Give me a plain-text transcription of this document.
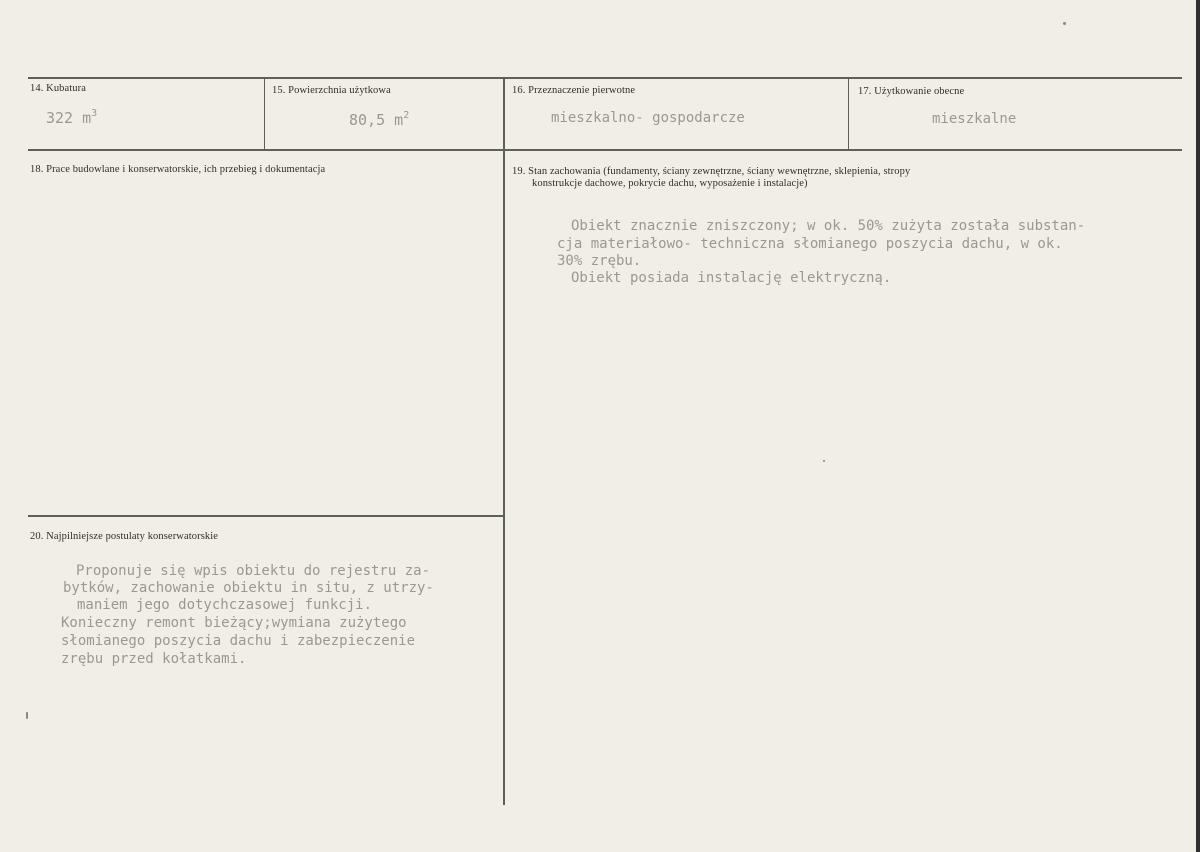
14. Kubatura	15. Powierzchnia użytkowa	16. Przeznaczenie pierwotne	17. Użytkowanie obecne
322 $m^3$	80,5 $m^2$	mieszkalno- gospodarcze	mieszkalne
18. Prace budowlane i konserwatorskie, ich przebieg i dokumentacja	19. Stan zachowania (fundamenty, ściany zewnętrzne, ściany wewnętrzne, sklepienia, stropy
konstrukcje dachowe, pokrycie dachu, wyposażenie i instalacje)
Obiekt znacznie zniszczony; w ok. 50% zużyta została substan-
cja materiałowo- techniczna słomianego poszycia dachu, w ok.
30% zrębu.
Obiekt posiada instalację elektryczną.
20. Najpilniejsze postulaty konserwatorskie
Proponuje się wpis obiektu do rejestru za-
bytków, zachowanie obiektu in situ, z utrzy-
maniem jego dotychczasowej funkcji.
Konieczny remont bieżący;wymiana zużytego
słomianego poszycia dachu i zabezpieczenie
zrębu przed kołatkami.
